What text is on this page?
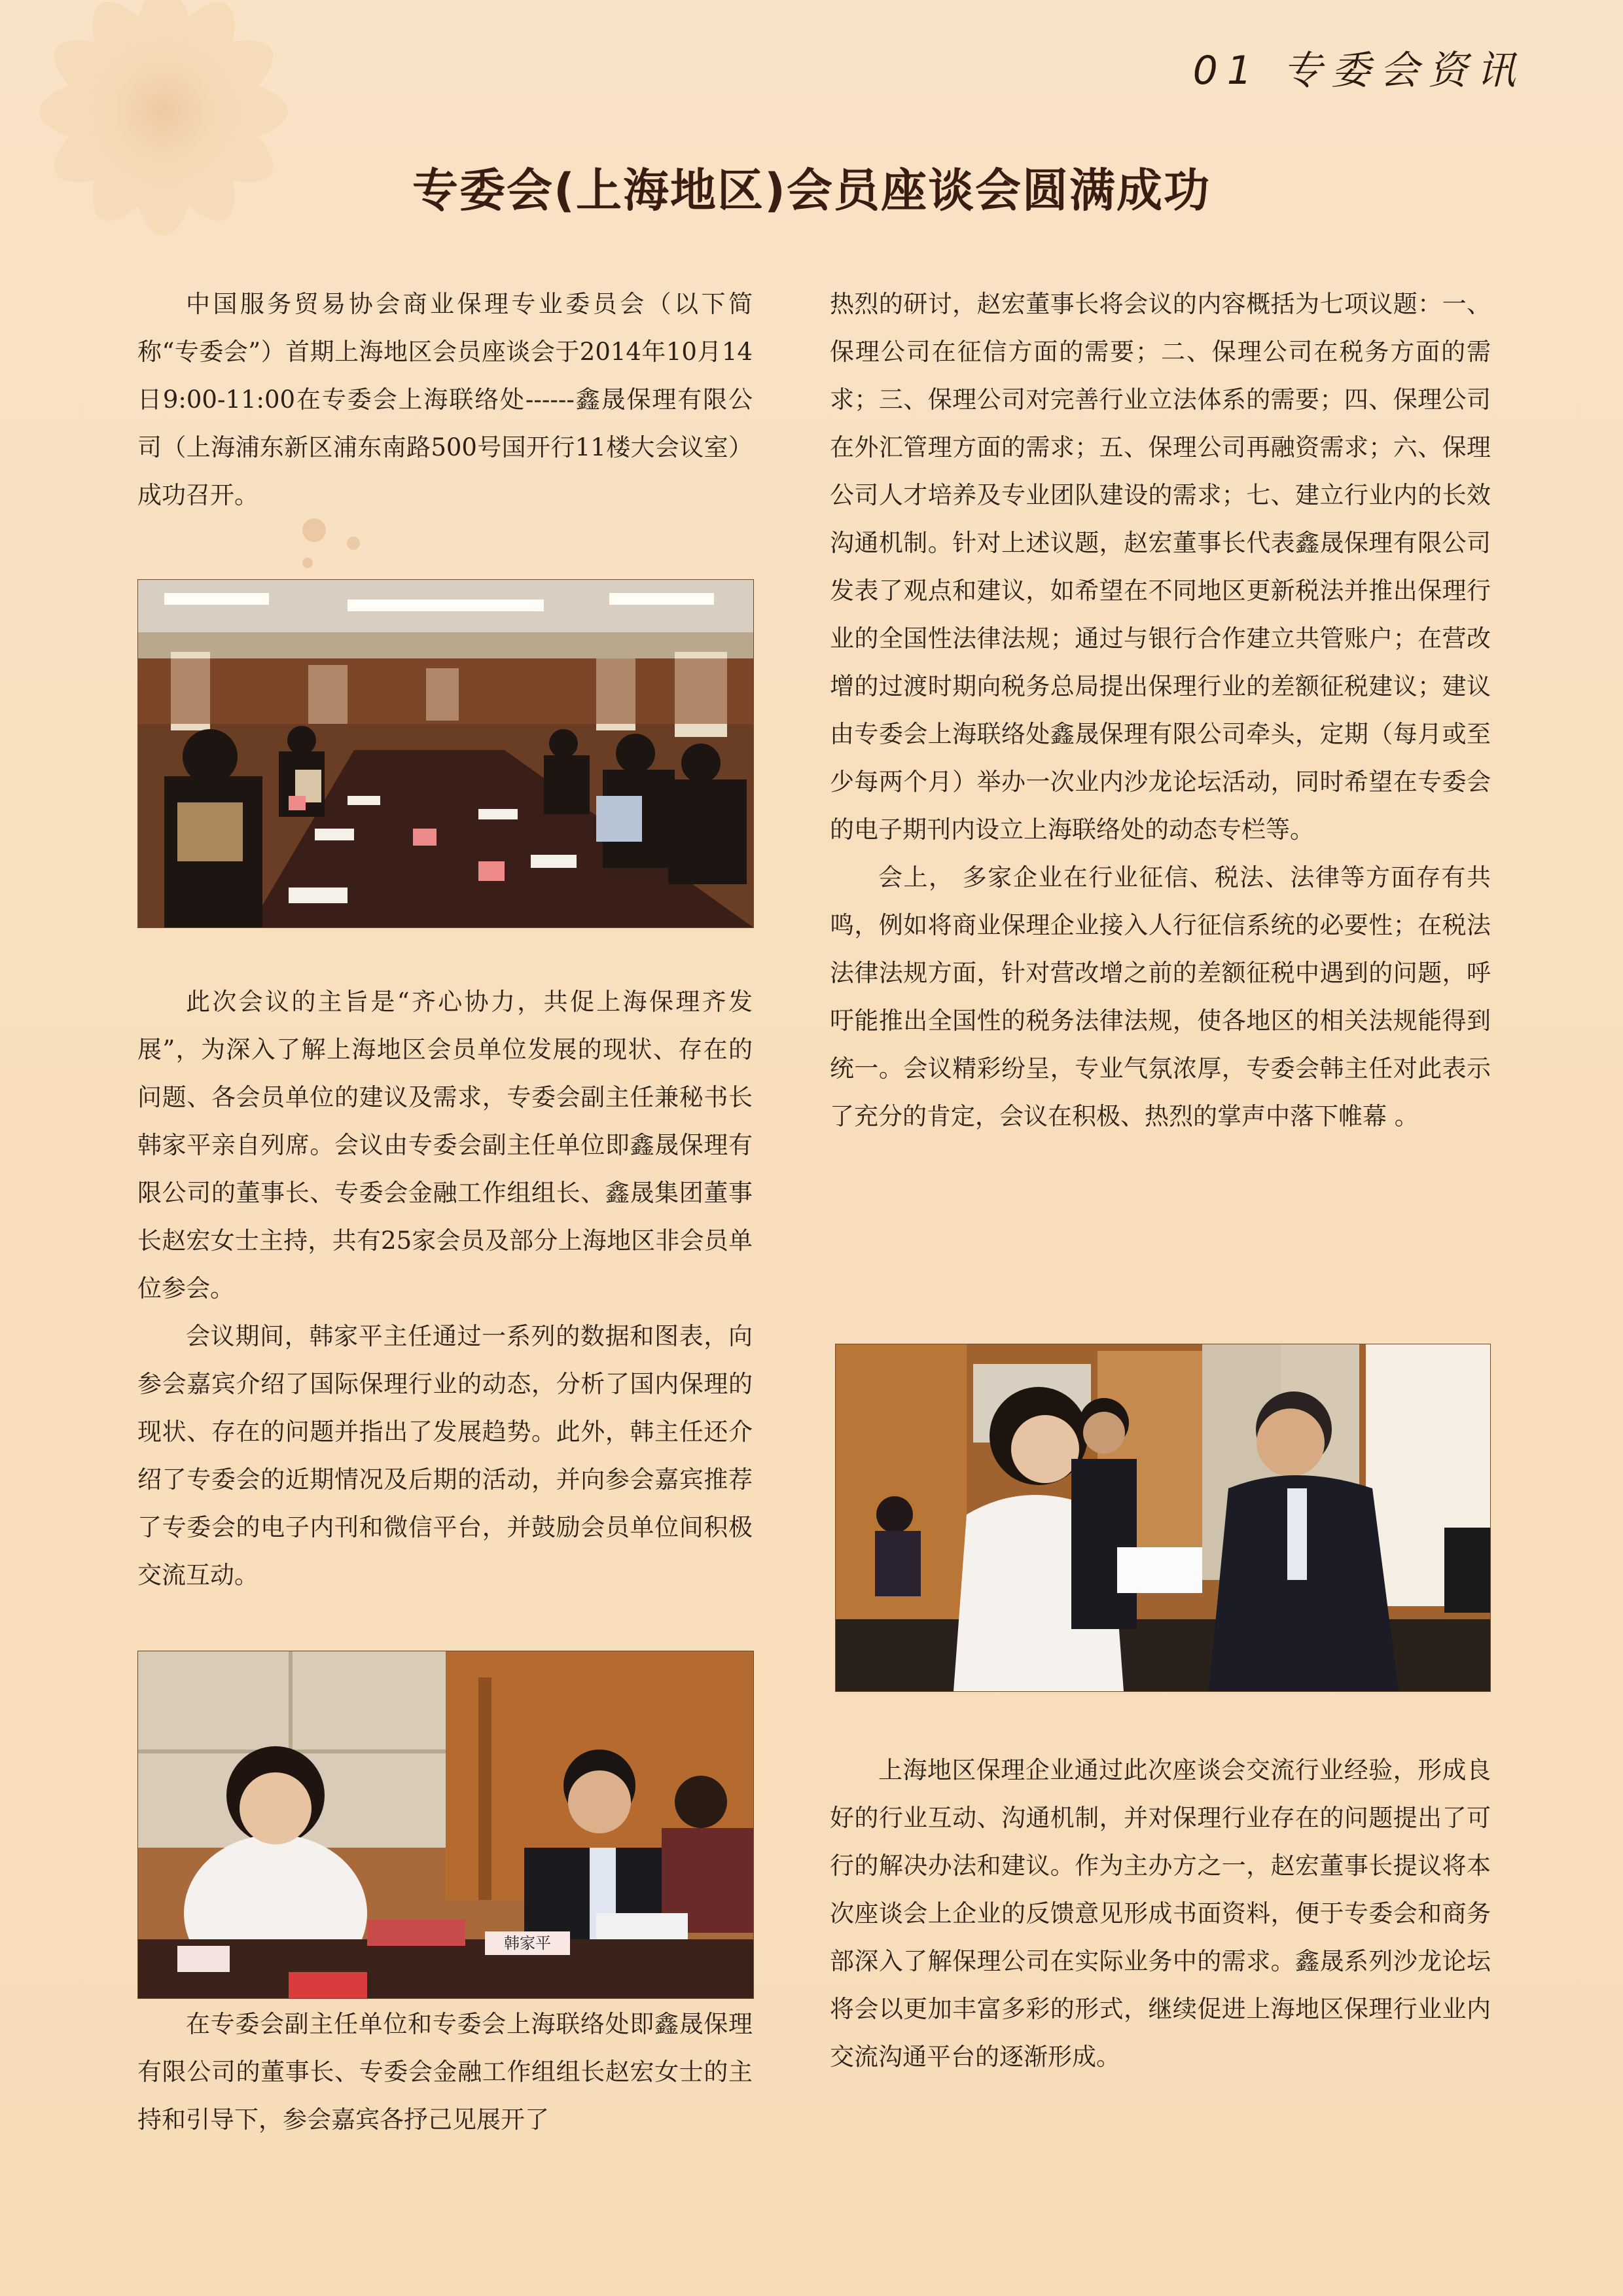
01 专委会资讯
专委会(上海地区)会员座谈会圆满成功

中国服务贸易协会商业保理专业委员会（以下简称“专委会”）首期上海地区会员座谈会于2014年10月14日9:00-11:00在专委会上海联络处------鑫晟保理有限公司（上海浦东新区浦东南路500号国开行11楼大会议室）成功召开。

此次会议的主旨是“齐心协力，共促上海保理齐发展”，为深入了解上海地区会员单位发展的现状、存在的问题、各会员单位的建议及需求，专委会副主任兼秘书长韩家平亲自列席。会议由专委会副主任单位即鑫晟保理有限公司的董事长、专委会金融工作组组长、鑫晟集团董事长赵宏女士主持，共有25家会员及部分上海地区非会员单位参会。

会议期间，韩家平主任通过一系列的数据和图表，向参会嘉宾介绍了国际保理行业的动态，分析了国内保理的现状、存在的问题并指出了发展趋势。此外，韩主任还介绍了专委会的近期情况及后期的活动，并向参会嘉宾推荐了专委会的电子内刊和微信平台，并鼓励会员单位间积极交流互动。

韩家平

在专委会副主任单位和专委会上海联络处即鑫晟保理有限公司的董事长、专委会金融工作组组长赵宏女士的主持和引导下，参会嘉宾各抒己见展开了

热烈的研讨，赵宏董事长将会议的内容概括为七项议题：一、保理公司在征信方面的需要；二、保理公司在税务方面的需求；三、保理公司对完善行业立法体系的需要；四、保理公司在外汇管理方面的需求；五、保理公司再融资需求；六、保理公司人才培养及专业团队建设的需求；七、建立行业内的长效沟通机制。针对上述议题，赵宏董事长代表鑫晟保理有限公司发表了观点和建议，如希望在不同地区更新税法并推出保理行业的全国性法律法规；通过与银行合作建立共管账户；在营改增的过渡时期向税务总局提出保理行业的差额征税建议；建议由专委会上海联络处鑫晟保理有限公司牵头，定期（每月或至少每两个月）举办一次业内沙龙论坛活动，同时希望在专委会的电子期刊内设立上海联络处的动态专栏等。

会上， 多家企业在行业征信、税法、法律等方面存有共鸣，例如将商业保理企业接入人行征信系统的必要性；在税法法律法规方面，针对营改增之前的差额征税中遇到的问题，呼吁能推出全国性的税务法律法规，使各地区的相关法规能得到统一。会议精彩纷呈，专业气氛浓厚，专委会韩主任对此表示了充分的肯定，会议在积极、热烈的掌声中落下帷幕 。

上海地区保理企业通过此次座谈会交流行业经验，形成良好的行业互动、沟通机制，并对保理行业存在的问题提出了可行的解决办法和建议。作为主办方之一，赵宏董事长提议将本次座谈会上企业的反馈意见形成书面资料，便于专委会和商务部深入了解保理公司在实际业务中的需求。鑫晟系列沙龙论坛将会以更加丰富多彩的形式，继续促进上海地区保理行业业内交流沟通平台的逐渐形成。
